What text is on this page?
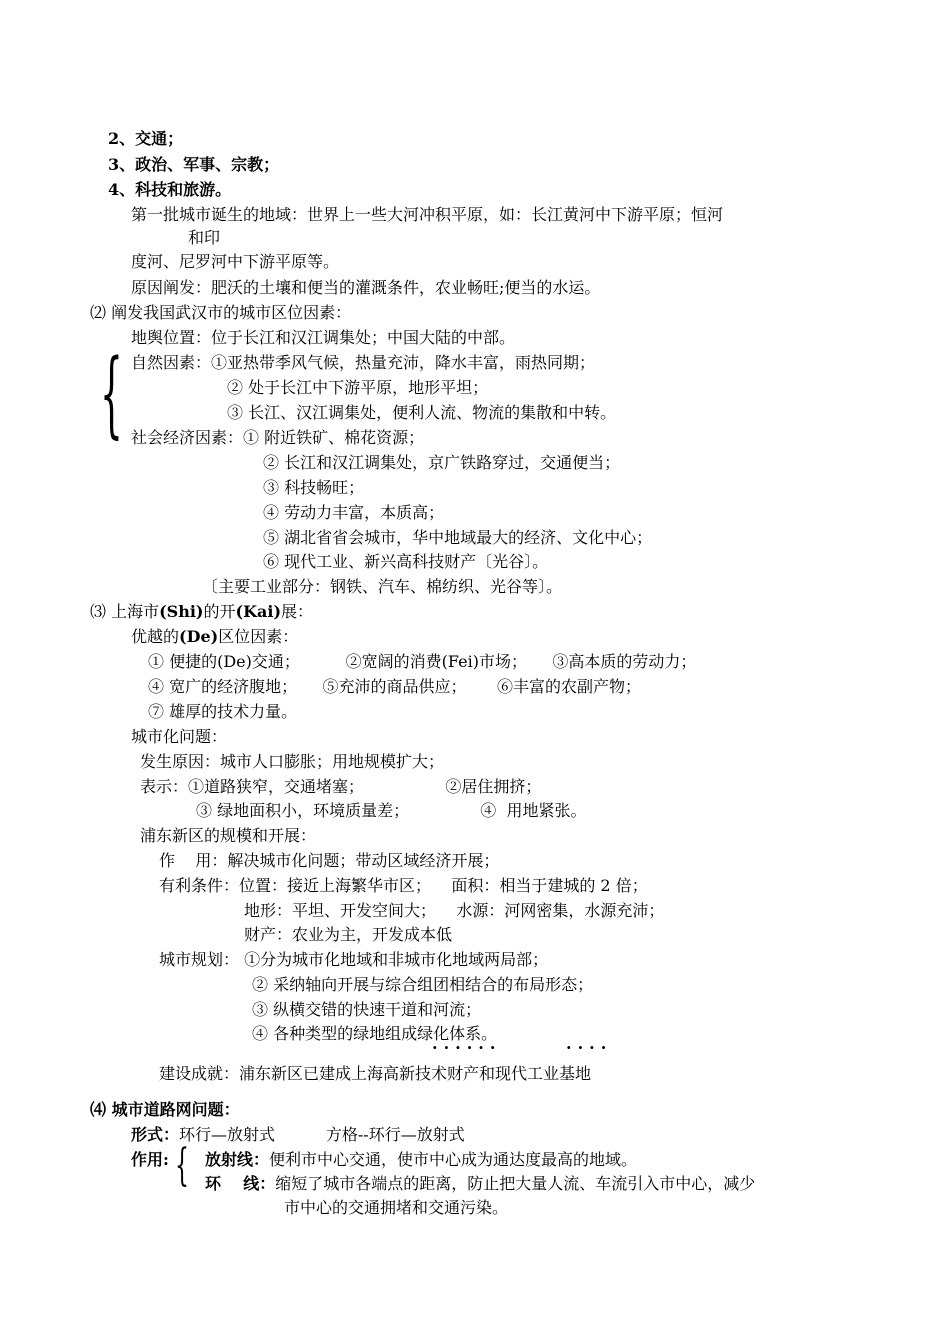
2、交通；
3、政治、军事、宗教；
4、科技和旅游。
第一批城市诞生的地域：世界上一些大河冲积平原，如：长江黄河中下游平原；恒河
和印
度河、尼罗河中下游平原等。
原因阐发：肥沃的土壤和便当的灌溉条件，农业畅旺;便当的水运。
⑵ 阐发我国武汉市的城市区位因素：
地舆位置：位于长江和汉江调集处；中国大陆的中部。
{ 自然因素：①亚热带季风气候，热量充沛，降水丰富，雨热同期；
② 处于长江中下游平原，地形平坦；
③ 长江、汉江调集处，便利人流、物流的集散和中转。
社会经济因素：① 附近铁矿、棉花资源；
② 长江和汉江调集处，京广铁路穿过，交通便当；
③ 科技畅旺；
④ 劳动力丰富，本质高；
⑤ 湖北省省会城市，华中地域最大的经济、文化中心；
⑥ 现代工业、新兴高科技财产〔光谷〕。
〔主要工业部分：钢铁、汽车、棉纺织、光谷等〕。
⑶ 上海市(Shi)的开(Kai)展：
优越的(De)区位因素：
① 便捷的(De)交通；         ②宽阔的消费(Fei)市场；     ③高本质的劳动力；
④ 宽广的经济腹地；     ⑤充沛的商品供应；      ⑥丰富的农副产物；
⑦ 雄厚的技术力量。
城市化问题：
发生原因：城市人口膨胀；用地规模扩大；
表示：①道路狭窄，交通堵塞；                ②居住拥挤；
③ 绿地面积小，环境质量差；              ④  用地紧张。
浦东新区的规模和开展：
作    用：解决城市化问题；带动区域经济开展；
有利条件：位置：接近上海繁华市区；    面积：相当于建城的 2 倍；
地形：平坦、开发空间大；    水源：河网密集，水源充沛；
财产：农业为主，开发成本低
城市规划： ①分为城市化地域和非城市化地域两局部；
② 采纳轴向开展与综合组团相结合的布局形态；
③ 纵横交错的快速干道和河流；
④ 各种类型的绿地组成绿化体系。
······	····
建设成就：浦东新区已建成上海高新技术财产和现代工业基地
⑷ 城市道路网问题：
形式：环行—放射式          方格--环行—放射式
作用: { 放射线：便利市中心交通，使市中心成为通达度最高的地域。
环    线：缩短了城市各端点的距离，防止把大量人流、车流引入市中心，减少
市中心的交通拥堵和交通污染。
